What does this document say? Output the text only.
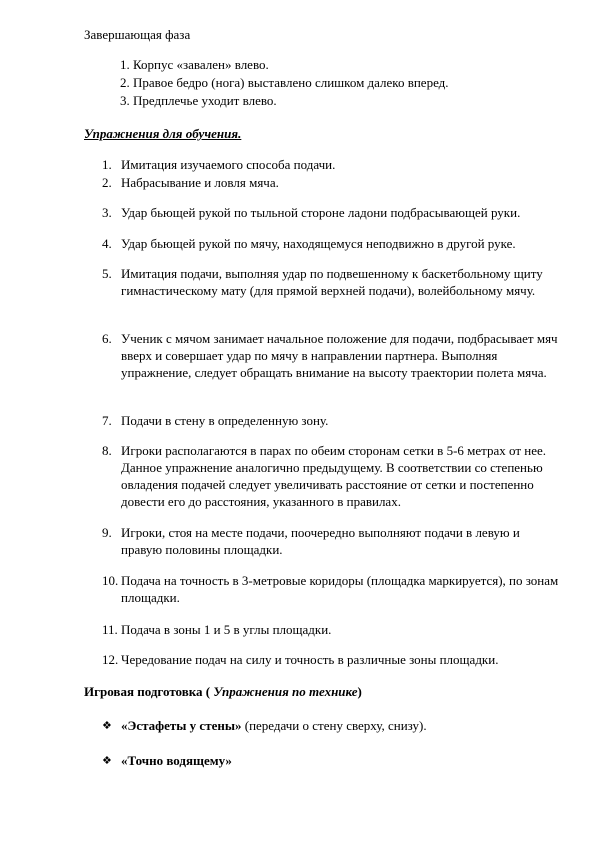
Завершающая фаза
1. Корпус «завален» влево.
2. Правое бедро (нога) выставлено слишком далеко вперед.
3. Предплечье уходит влево.
Упражнения для обучения.
1. Имитация изучаемого способа подачи.
2. Набрасывание и ловля мяча.
3. Удар бьющей рукой по тыльной стороне ладони подбрасывающей руки.
4. Удар бьющей рукой по мячу, находящемуся неподвижно в другой руке.
5. Имитация подачи, выполняя удар по подвешенному к баскетбольному щиту гимнастическому мату (для прямой верхней подачи), волейбольному мячу.
6. Ученик с мячом занимает начальное положение для подачи, подбрасывает мяч вверх и совершает удар по мячу в направлении партнера. Выполняя упражнение, следует обращать внимание на высоту траектории полета мяча.
7. Подачи в стену в определенную зону.
8. Игроки располагаются в парах по обеим сторонам сетки в 5-6 метрах от нее. Данное упражнение аналогично предыдущему. В соответствии со степенью овладения подачей следует увеличивать расстояние от сетки и постепенно довести его до расстояния, указанного в правилах.
9. Игроки, стоя на месте подачи, поочередно выполняют подачи в левую и правую половины площадки.
10. Подача на точность в 3-метровые коридоры (площадка маркируется), по зонам площадки.
11. Подача в зоны 1 и 5 в углы площадки.
12. Чередование подач на силу и точность в различные зоны площадки.
Игровая подготовка ( Упражнения по технике)
❖ «Эстафеты у стены» (передачи о стену сверху, снизу).
❖ «Точно водящему»
